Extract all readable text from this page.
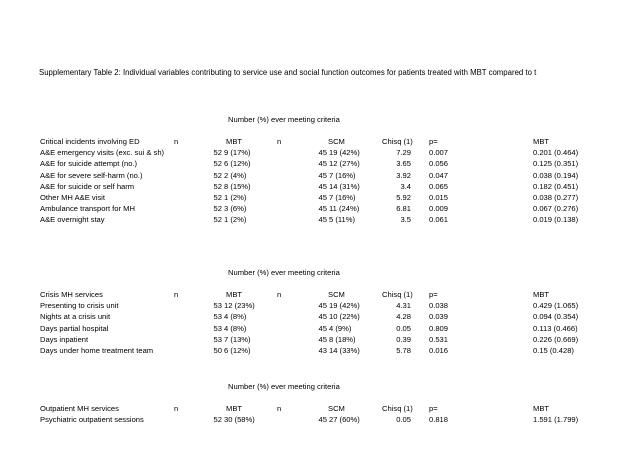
Supplementary Table 2: Individual variables contributing to service use and social function outcomes for patients treated with MBT compared to t
Number (%) ever meeting criteria
Critical incidents involving ED	n	MBT	n	SCM	Chisq (1) p=	MBT
A&E emergency visits (exc. sui & sh)	52 9 (17%)	45 19 (42%)	7.29 0.007	0.201 (0.464)
A&E for suicide attempt (no.)	52 6 (12%)	45 12 (27%)	3.65 0.056	0.125 (0.351)
A&E for severe self-harm (no.)	52 2 (4%)	45 7 (16%)	3.92 0.047	0.038 (0.194)
A&E for suicide or self harm	52 8 (15%)	45 14 (31%)	3.4 0.065	0.182 (0.451)
Other MH A&E visit	52 1 (2%)	45 7 (16%)	5.92 0.015	0.038 (0.277)
Ambulance transport for MH	52 3 (6%)	45 11 (24%)	6.81 0.009	0.067 (0.276)
A&E overnight stay	52 1 (2%)	45 5 (11%)	3.5 0.061	0.019 (0.138)
Number (%) ever meeting criteria
Crisis MH services	n	MBT	n	SCM	Chisq (1) p=	MBT
Presenting to crisis unit	53 12 (23%)	45 19 (42%)	4.31 0.038	0.429 (1.065)
Nights at a crisis unit	53 4 (8%)	45 10 (22%)	4.28 0.039	0.094 (0.354)
Days partial hospital	53 4 (8%)	45 4 (9%)	0.05 0.809	0.113 (0.466)
Days inpatient	53 7 (13%)	45 8 (18%)	0.39 0.531	0.226 (0.669)
Days under home treatment team	50 6 (12%)	43 14 (33%)	5.78 0.016	0.15 (0.428)
Number (%) ever meeting criteria
Outpatient MH services	n	MBT	n	SCM	Chisq (1) p=	MBT
Psychiatric outpatient sessions	52 30 (58%)	45 27 (60%)	0.05 0.818	1.591 (1.799)
